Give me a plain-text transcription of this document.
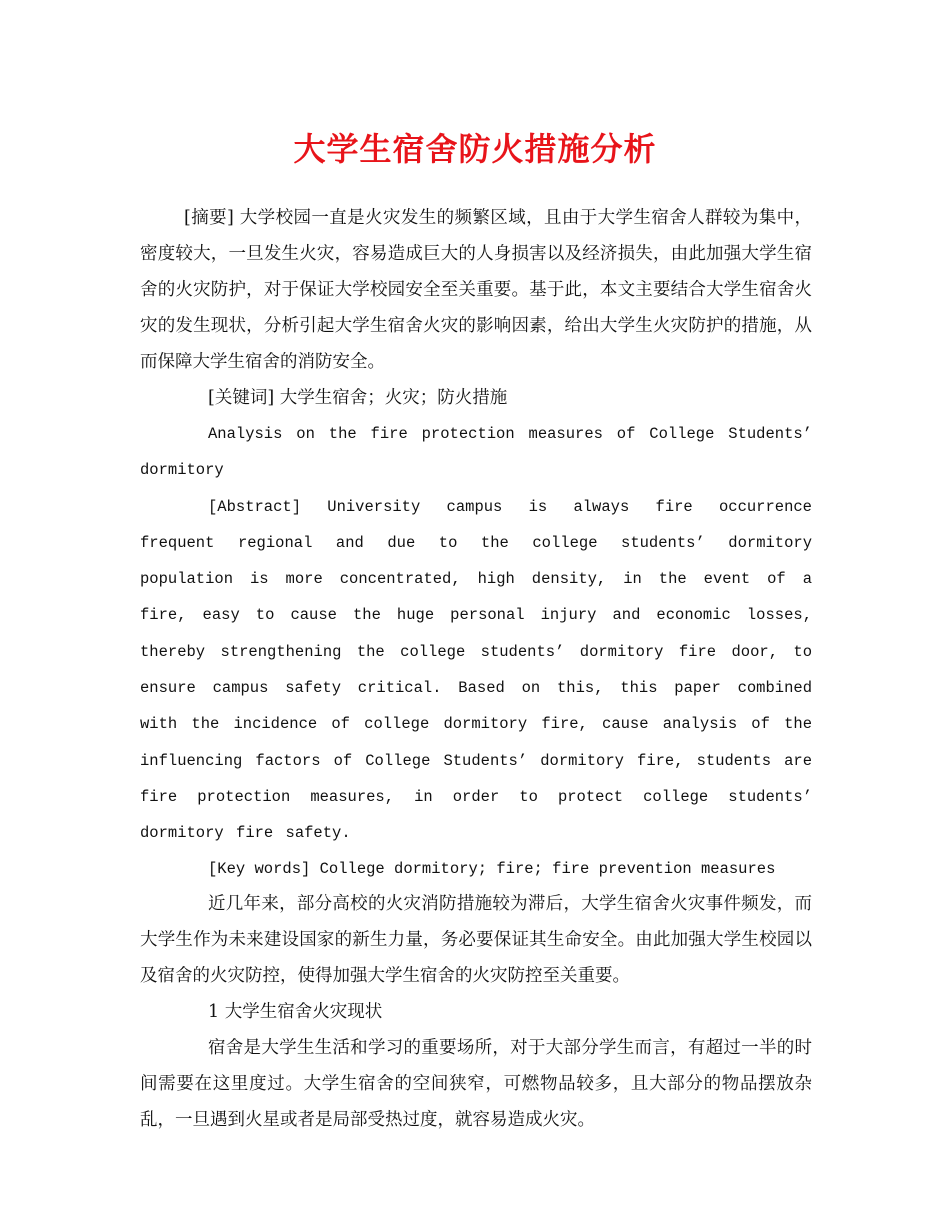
大学生宿舍防火措施分析

[摘要] 大学校园一直是火灾发生的频繁区域，且由于大学生宿舍人群较为集中，密度较大，一旦发生火灾，容易造成巨大的人身损害以及经济损失，由此加强大学生宿舍的火灾防护，对于保证大学校园安全至关重要。基于此，本文主要结合大学生宿舍火灾的发生现状，分析引起大学生宿舍火灾的影响因素，给出大学生火灾防护的措施，从而保障大学生宿舍的消防安全。

[关键词] 大学生宿舍；火灾；防火措施

Analysis on the fire protection measures of College Students’ dormitory

[Abstract] University campus is always fire occurrence frequent regional and due to the college students’ dormitory population is more concentrated, high density, in the event of a fire, easy to cause the huge personal injury and economic losses, thereby strengthening the college students’ dormitory fire door, to ensure campus safety critical. Based on this, this paper combined with the incidence of college dormitory fire, cause analysis of the influencing factors of College Students’ dormitory fire, students are fire protection measures, in order to protect college students’ dormitory fire safety.

[Key words] College dormitory; fire; fire prevention measures

近几年来，部分高校的火灾消防措施较为滞后，大学生宿舍火灾事件频发，而大学生作为未来建设国家的新生力量，务必要保证其生命安全。由此加强大学生校园以及宿舍的火灾防控，使得加强大学生宿舍的火灾防控至关重要。

1 大学生宿舍火灾现状

宿舍是大学生生活和学习的重要场所，对于大部分学生而言，有超过一半的时间需要在这里度过。大学生宿舍的空间狭窄，可燃物品较多，且大部分的物品摆放杂乱，一旦遇到火星或者是局部受热过度，就容易造成火灾。
